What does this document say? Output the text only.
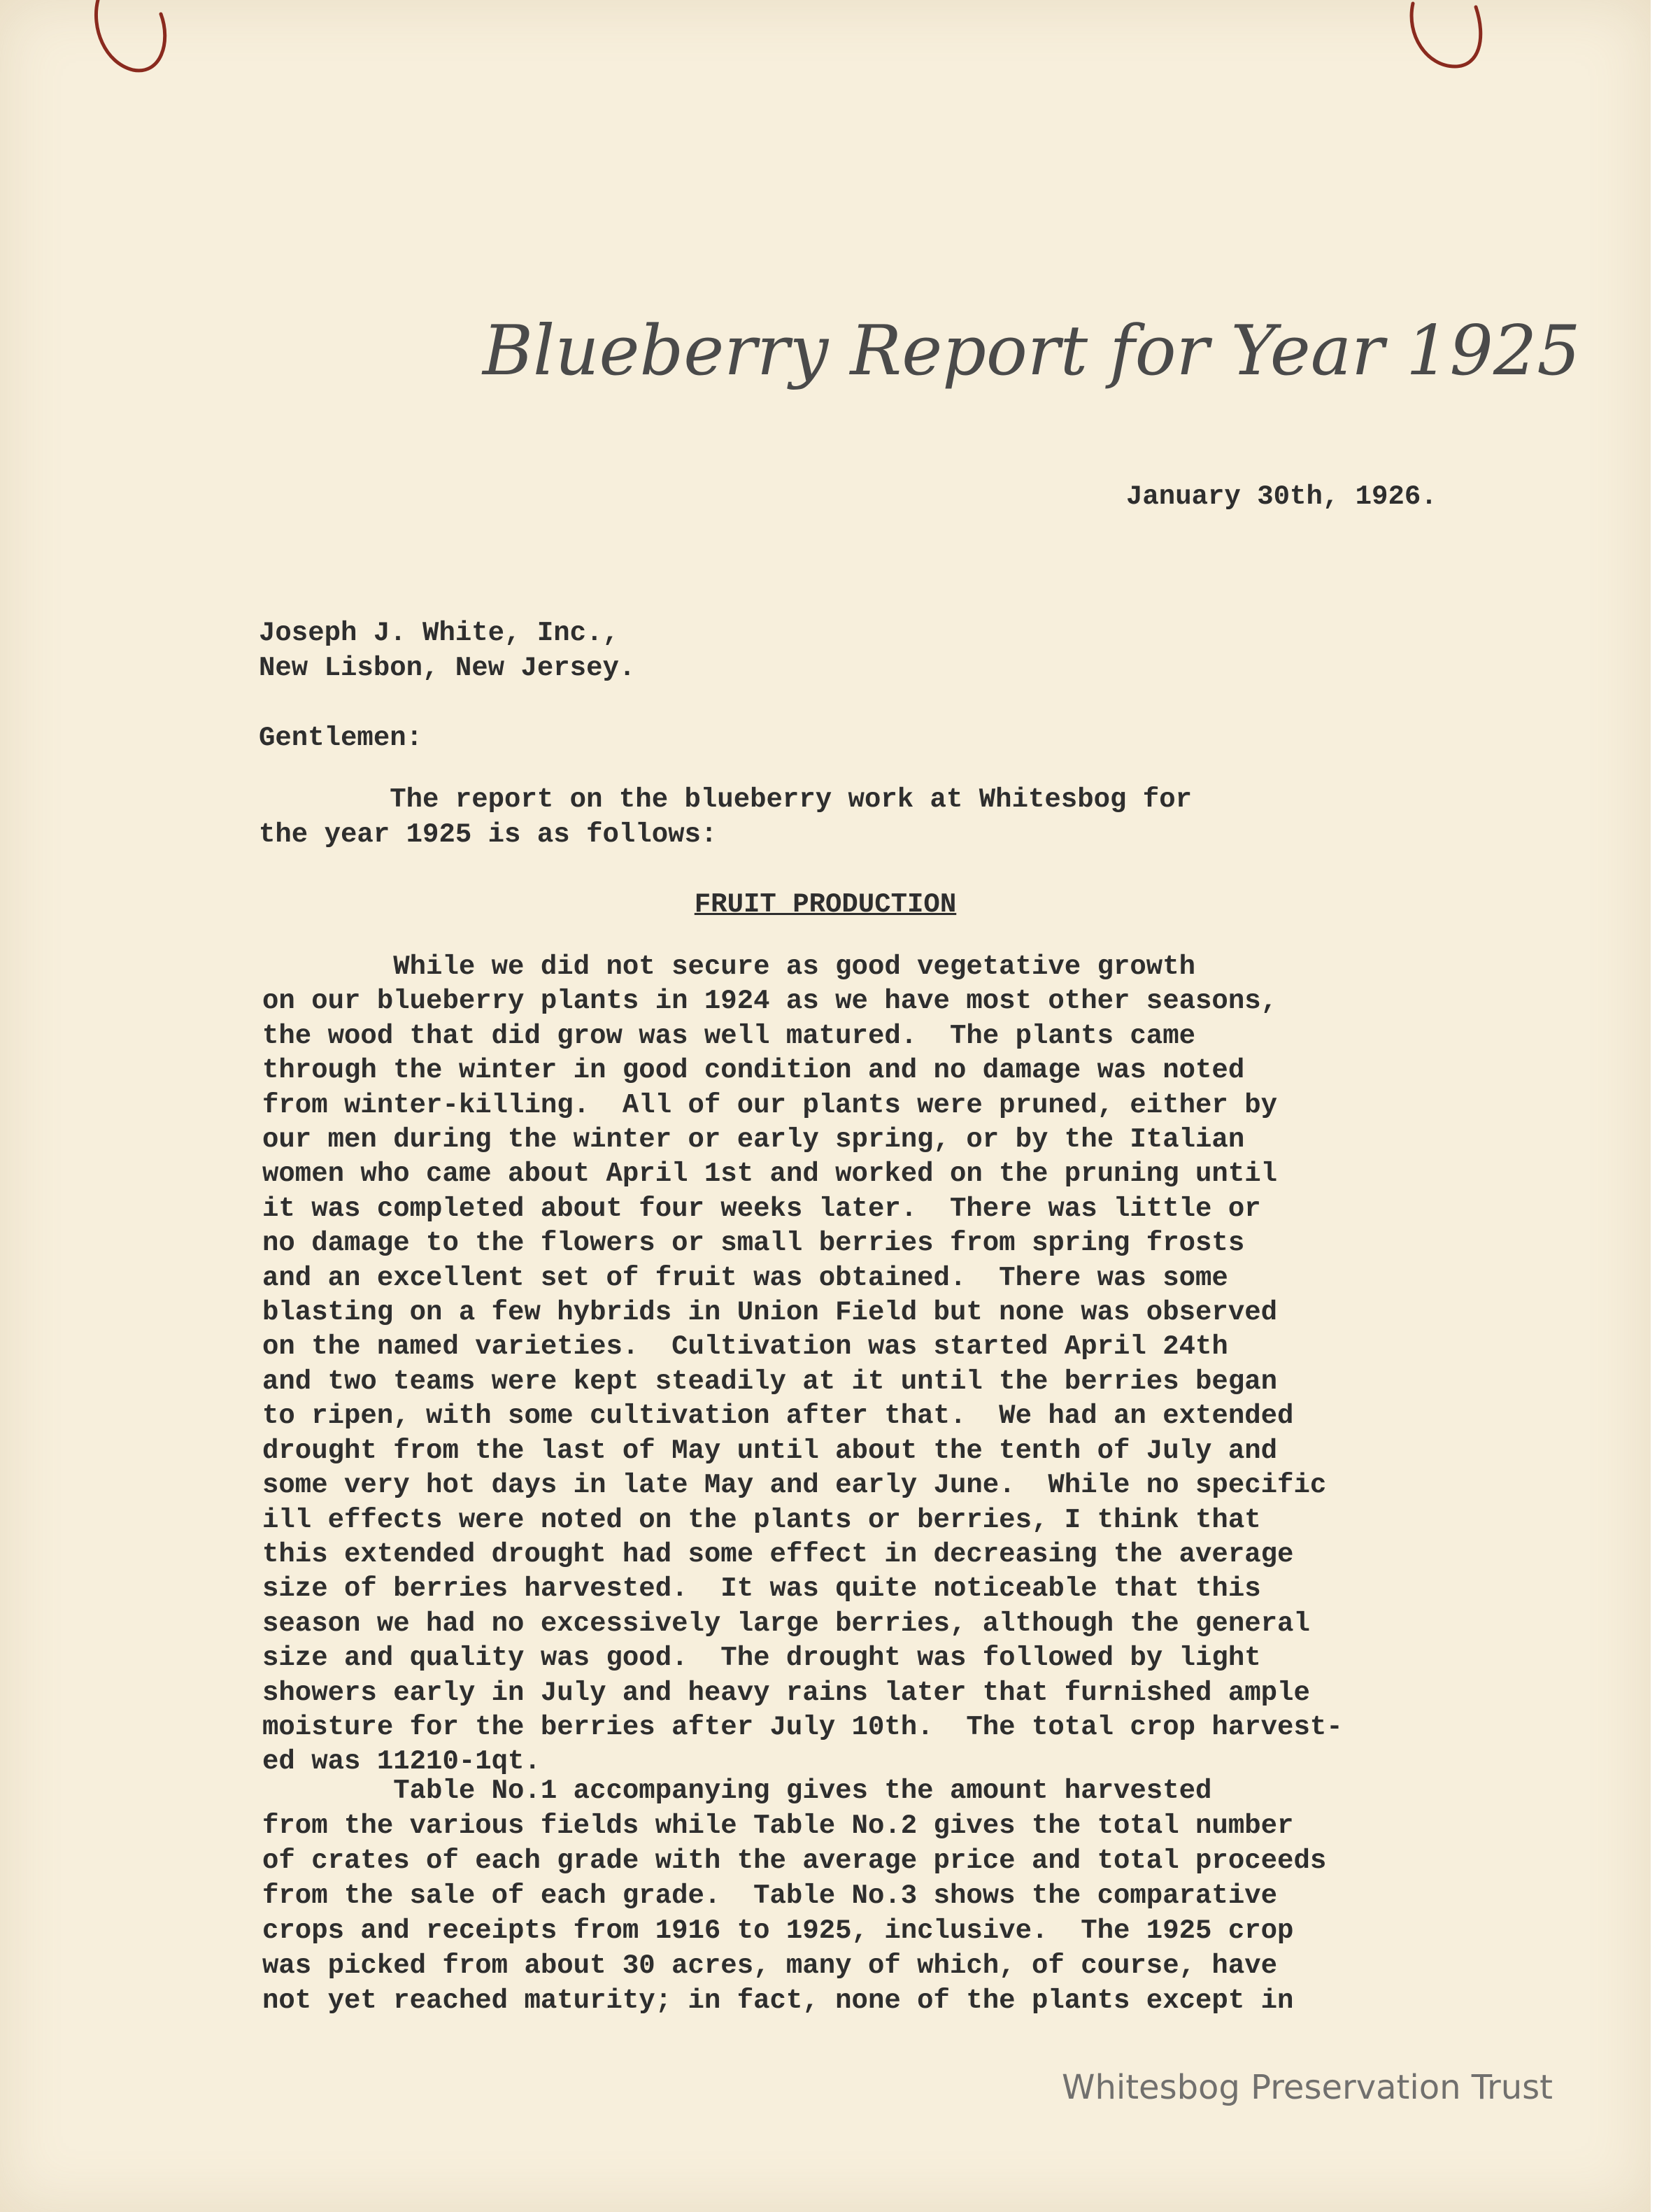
Blueberry Report for Year 1925

January 30th, 1926.

Joseph J. White, Inc.,
New Lisbon, New Jersey.

Gentlemen:

The report on the blueberry work at Whitesbog for
the year 1925 is as follows:

FRUIT PRODUCTION

While we did not secure as good vegetative growth
on our blueberry plants in 1924 as we have most other seasons,
the wood that did grow was well matured.  The plants came
through the winter in good condition and no damage was noted
from winter-killing.  All of our plants were pruned, either by
our men during the winter or early spring, or by the Italian
women who came about April 1st and worked on the pruning until
it was completed about four weeks later.  There was little or
no damage to the flowers or small berries from spring frosts
and an excellent set of fruit was obtained.  There was some
blasting on a few hybrids in Union Field but none was observed
on the named varieties.  Cultivation was started April 24th
and two teams were kept steadily at it until the berries began
to ripen, with some cultivation after that.  We had an extended
drought from the last of May until about the tenth of July and
some very hot days in late May and early June.  While no specific
ill effects were noted on the plants or berries, I think that
this extended drought had some effect in decreasing the average
size of berries harvested.  It was quite noticeable that this
season we had no excessively large berries, although the general
size and quality was good.  The drought was followed by light
showers early in July and heavy rains later that furnished ample
moisture for the berries after July 10th.  The total crop harvest-
ed was 11210-1qt.

Table No.1 accompanying gives the amount harvested
from the various fields while Table No.2 gives the total number
of crates of each grade with the average price and total proceeds
from the sale of each grade.  Table No.3 shows the comparative
crops and receipts from 1916 to 1925, inclusive.  The 1925 crop
was picked from about 30 acres, many of which, of course, have
not yet reached maturity; in fact, none of the plants except in

Whitesbog Preservation Trust
